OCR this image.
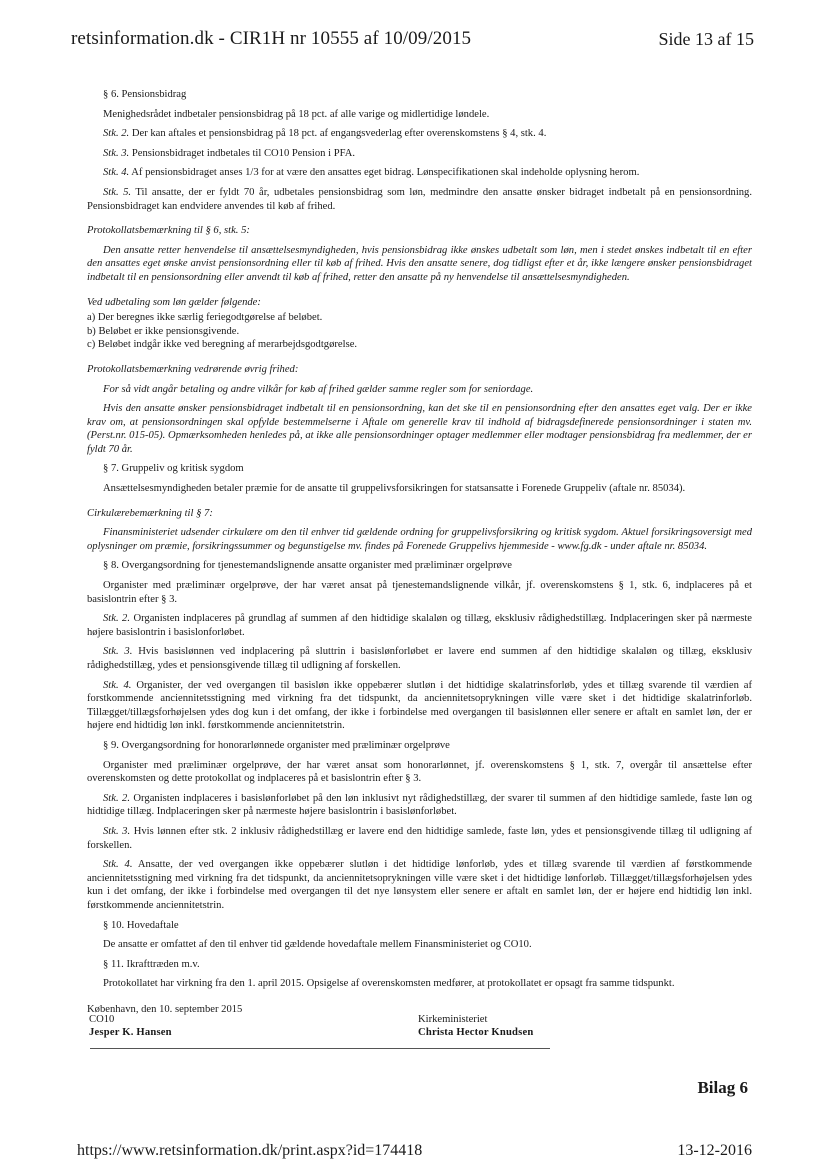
retsinformation.dk - CIR1H nr 10555 af 10/09/2015	Side 13 af 15

§ 6. Pensionsbidrag

Menighedsrådet indbetaler pensionsbidrag på 18 pct. af alle varige og midlertidige løndele.

Stk. 2. Der kan aftales et pensionsbidrag på 18 pct. af engangsvederlag efter overenskomstens § 4, stk. 4.

Stk. 3. Pensionsbidraget indbetales til CO10 Pension i PFA.

Stk. 4. Af pensionsbidraget anses 1/3 for at være den ansattes eget bidrag. Lønspecifikationen skal indeholde oplysning herom.

Stk. 5. Til ansatte, der er fyldt 70 år, udbetales pensionsbidrag som løn, medmindre den ansatte ønsker bidraget indbetalt på en pensionsordning. Pensionsbidraget kan endvidere anvendes til køb af frihed.

Protokollatsbemærkning til § 6, stk. 5:

Den ansatte retter henvendelse til ansættelsesmyndigheden, hvis pensionsbidrag ikke ønskes udbetalt som løn, men i stedet ønskes indbetalt til en efter den ansattes eget ønske anvist pensionsordning eller til køb af frihed. Hvis den ansatte senere, dog tidligst efter et år, ikke længere ønsker pensionsbidraget indbetalt til en pensionsordning eller anvendt til køb af frihed, retter den ansatte på ny henvendelse til ansættelsesmyndigheden.

Ved udbetaling som løn gælder følgende:

a) Der beregnes ikke særlig feriegodtgørelse af beløbet.

b) Beløbet er ikke pensionsgivende.

c) Beløbet indgår ikke ved beregning af merarbejdsgodtgørelse.

Protokollatsbemærkning vedrørende øvrig frihed:

For så vidt angår betaling og andre vilkår for køb af frihed gælder samme regler som for seniordage.

Hvis den ansatte ønsker pensionsbidraget indbetalt til en pensionsordning, kan det ske til en pensionsordning efter den ansattes eget valg. Der er ikke krav om, at pensionsordningen skal opfylde bestemmelserne i Aftale om generelle krav til indhold af bidragsdefinerede pensionsordninger i staten mv. (Perst.nr. 015-05). Opmærksomheden henledes på, at ikke alle pensionsordninger optager medlemmer eller modtager pensionsbidrag fra medlemmer, der er fyldt 70 år.

§ 7. Gruppeliv og kritisk sygdom

Ansættelsesmyndigheden betaler præmie for de ansatte til gruppelivsforsikringen for statsansatte i Forenede Gruppeliv (aftale nr. 85034).

Cirkulærebemærkning til § 7:

Finansministeriet udsender cirkulære om den til enhver tid gældende ordning for gruppelivsforsikring og kritisk sygdom. Aktuel forsikringsoversigt med oplysninger om præmie, forsikringssummer og begunstigelse mv. findes på Forenede Gruppelivs hjemmeside - www.fg.dk - under aftale nr. 85034.

§ 8. Overgangsordning for tjenestemandslignende ansatte organister med præliminær orgelprøve

Organister med præliminær orgelprøve, der har været ansat på tjenestemandslignende vilkår, jf. overenskomstens § 1, stk. 6, indplaceres på et basislontrin efter § 3.

Stk. 2. Organisten indplaceres på grundlag af summen af den hidtidige skalaløn og tillæg, eksklusiv rådighedstillæg. Indplaceringen sker på nærmeste højere basislontrin i basislonforløbet.

Stk. 3. Hvis basislønnen ved indplacering på sluttrin i basislønforløbet er lavere end summen af den hidtidige skalaløn og tillæg, eksklusiv rådighedstillæg, ydes et pensionsgivende tillæg til udligning af forskellen.

Stk. 4. Organister, der ved overgangen til basisløn ikke oppebærer slutløn i det hidtidige skalatrinsforløb, ydes et tillæg svarende til værdien af forstkommende anciennitetsstigning med virkning fra det tidspunkt, da anciennitetsoprykningen ville være sket i det hidtidige skalatrinforløb. Tillægget/tillægsforhøjelsen ydes dog kun i det omfang, der ikke i forbindelse med overgangen til basislønnen eller senere er aftalt en samlet løn, der er højere end hidtidig løn inkl. førstkommende anciennitetstrin.

§ 9. Overgangsordning for honorarlønnede organister med præliminær orgelprøve

Organister med præliminær orgelprøve, der har været ansat som honorarlønnet, jf. overenskomstens § 1, stk. 7, overgår til ansættelse efter overenskomsten og dette protokollat og indplaceres på et basislontrin efter § 3.

Stk. 2. Organisten indplaceres i basislønforløbet på den løn inklusivt nyt rådighedstillæg, der svarer til summen af den hidtidige samlede, faste løn og hidtidige tillæg. Indplaceringen sker på nærmeste højere basislontrin i basislønforløbet.

Stk. 3. Hvis lønnen efter stk. 2 inklusiv rådighedstillæg er lavere end den hidtidige samlede, faste løn, ydes et pensionsgivende tillæg til udligning af forskellen.

Stk. 4. Ansatte, der ved overgangen ikke oppebærer slutløn i det hidtidige lønforløb, ydes et tillæg svarende til værdien af førstkommende anciennitetsstigning med virkning fra det tidspunkt, da anciennitetsoprykningen ville være sket i det hidtidige lønforløb. Tillægget/tillægsforhøjelsen ydes kun i det omfang, der ikke i forbindelse med overgangen til det nye lønsystem eller senere er aftalt en samlet løn, der er højere end hidtidig løn inkl. førstkommende anciennitetstrin.

§ 10. Hovedaftale

De ansatte er omfattet af den til enhver tid gældende hovedaftale mellem Finansministeriet og CO10.

§ 11. Ikrafttræden m.v.

Protokollatet har virkning fra den 1. april 2015. Opsigelse af overenskomsten medfører, at protokollatet er opsagt fra samme tidspunkt.

København, den 10. september 2015

CO10
Jesper K. Hansen
Kirkeministeriet
Christa Hector Knudsen
Bilag 6
https://www.retsinformation.dk/print.aspx?id=174418	13-12-2016
